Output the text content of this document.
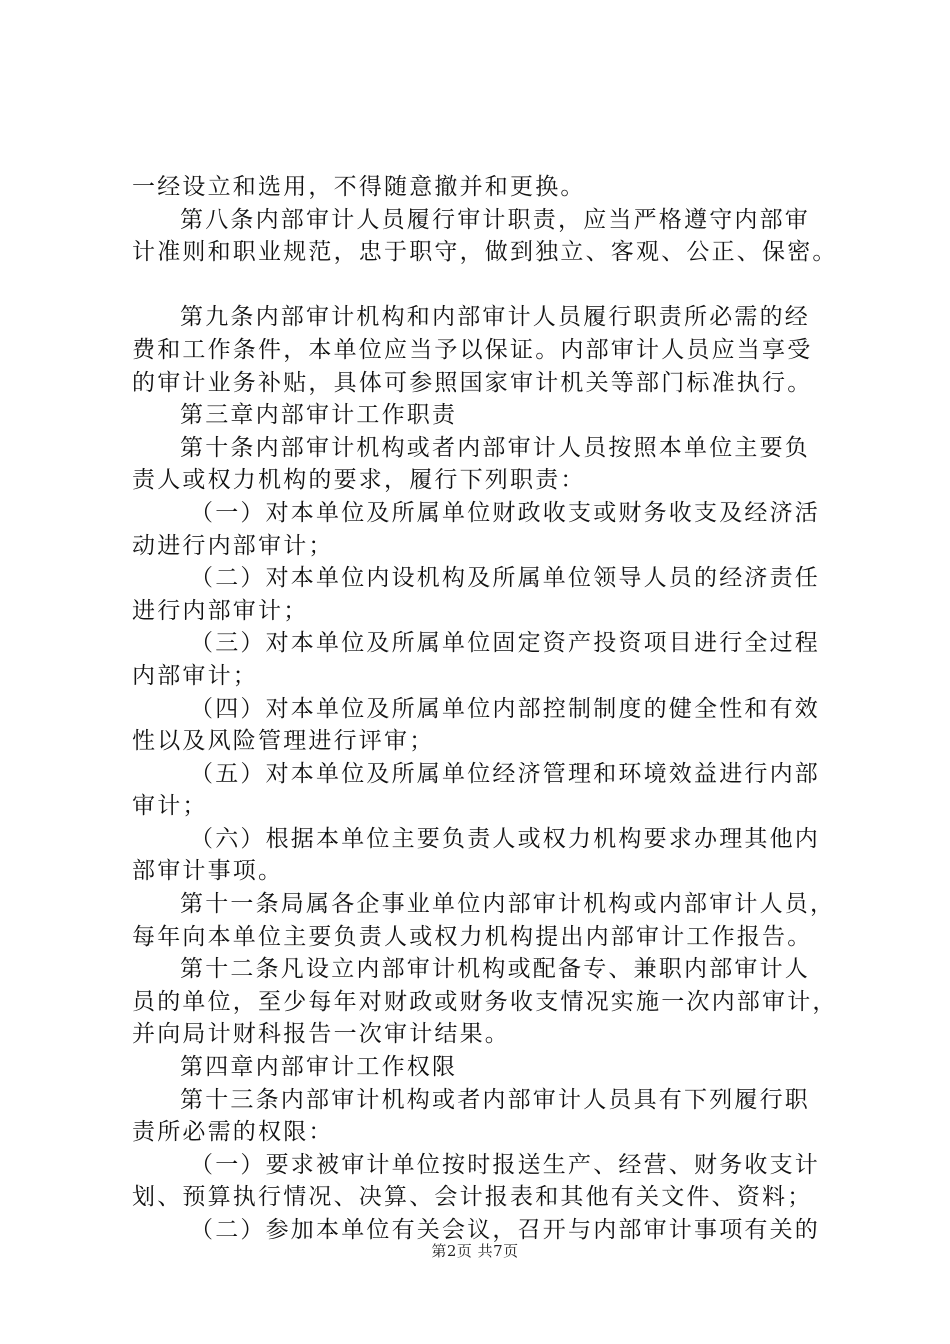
一经设立和选用，不得随意撤并和更换。
第八条内部审计人员履行审计职责，应当严格遵守内部审
计准则和职业规范，忠于职守，做到独立、客观、公正、保密。
第九条内部审计机构和内部审计人员履行职责所必需的经
费和工作条件，本单位应当予以保证。内部审计人员应当享受
的审计业务补贴，具体可参照国家审计机关等部门标准执行。
第三章内部审计工作职责
第十条内部审计机构或者内部审计人员按照本单位主要负
责人或权力机构的要求，履行下列职责：
（一）对本单位及所属单位财政收支或财务收支及经济活
动进行内部审计；
（二）对本单位内设机构及所属单位领导人员的经济责任
进行内部审计；
（三）对本单位及所属单位固定资产投资项目进行全过程
内部审计；
（四）对本单位及所属单位内部控制制度的健全性和有效
性以及风险管理进行评审；
（五）对本单位及所属单位经济管理和环境效益进行内部
审计；
（六）根据本单位主要负责人或权力机构要求办理其他内
部审计事项。
第十一条局属各企事业单位内部审计机构或内部审计人员，
每年向本单位主要负责人或权力机构提出内部审计工作报告。
第十二条凡设立内部审计机构或配备专、兼职内部审计人
员的单位，至少每年对财政或财务收支情况实施一次内部审计，
并向局计财科报告一次审计结果。
第四章内部审计工作权限
第十三条内部审计机构或者内部审计人员具有下列履行职
责所必需的权限：
（一）要求被审计单位按时报送生产、经营、财务收支计
划、预算执行情况、决算、会计报表和其他有关文件、资料；
（二）参加本单位有关会议，召开与内部审计事项有关的
第2页 共7页
